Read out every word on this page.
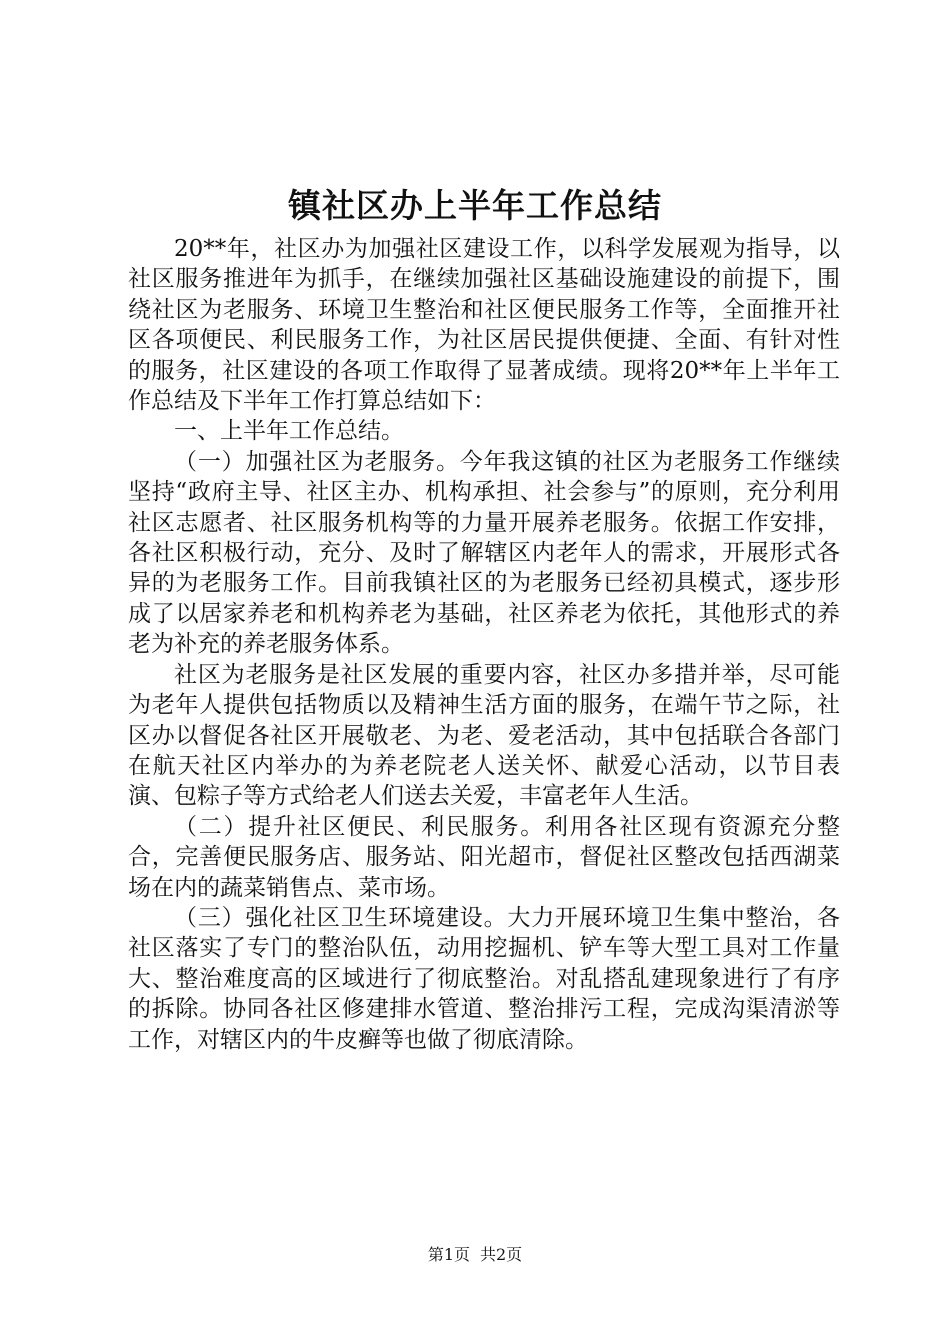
镇社区办上半年工作总结

20**年，社区办为加强社区建设工作，以科学发展观为指导，以社区服务推进年为抓手，在继续加强社区基础设施建设的前提下，围绕社区为老服务、环境卫生整治和社区便民服务工作等，全面推开社区各项便民、利民服务工作，为社区居民提供便捷、全面、有针对性的服务，社区建设的各项工作取得了显著成绩。现将20**年上半年工作总结及下半年工作打算总结如下：

一、上半年工作总结。

（一）加强社区为老服务。今年我这镇的社区为老服务工作继续坚持“政府主导、社区主办、机构承担、社会参与”的原则，充分利用社区志愿者、社区服务机构等的力量开展养老服务。依据工作安排，各社区积极行动，充分、及时了解辖区内老年人的需求，开展形式各异的为老服务工作。目前我镇社区的为老服务已经初具模式，逐步形成了以居家养老和机构养老为基础，社区养老为依托，其他形式的养老为补充的养老服务体系。

社区为老服务是社区发展的重要内容，社区办多措并举，尽可能为老年人提供包括物质以及精神生活方面的服务，在端午节之际，社区办以督促各社区开展敬老、为老、爱老活动，其中包括联合各部门在航天社区内举办的为养老院老人送关怀、献爱心活动，以节目表演、包粽子等方式给老人们送去关爱，丰富老年人生活。

（二）提升社区便民、利民服务。利用各社区现有资源充分整合，完善便民服务店、服务站、阳光超市，督促社区整改包括西湖菜场在内的蔬菜销售点、菜市场。

（三）强化社区卫生环境建设。大力开展环境卫生集中整治，各社区落实了专门的整治队伍，动用挖掘机、铲车等大型工具对工作量大、整治难度高的区域进行了彻底整治。对乱搭乱建现象进行了有序的拆除。协同各社区修建排水管道、整治排污工程，完成沟渠清淤等工作，对辖区内的牛皮癣等也做了彻底清除。

第1页 共2页
